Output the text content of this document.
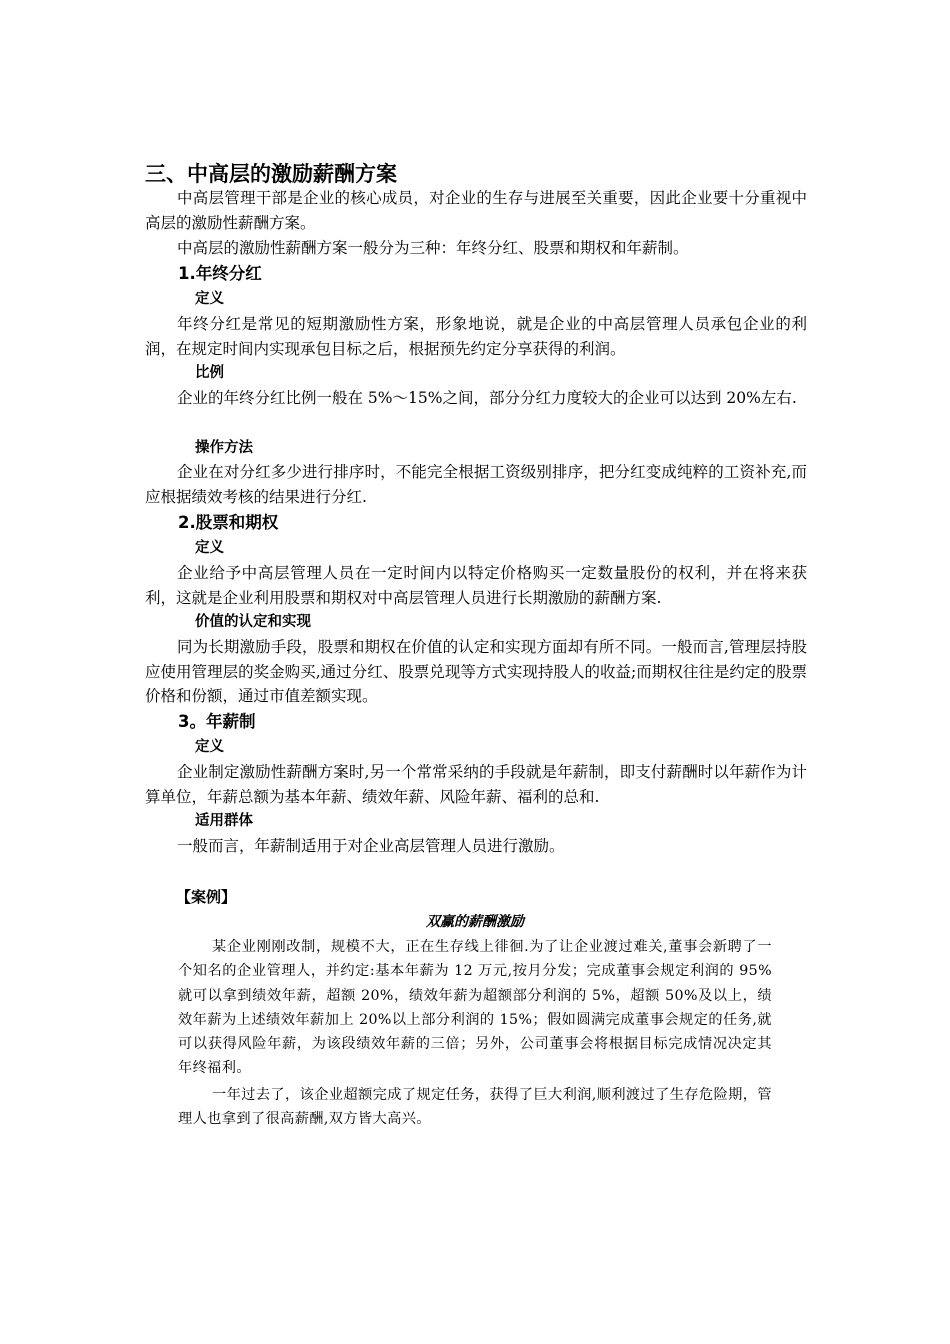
三、中高层的激励薪酬方案

中高层管理干部是企业的核心成员，对企业的生存与进展至关重要，因此企业要十分重视中高层的激励性薪酬方案。

中高层的激励性薪酬方案一般分为三种：年终分红、股票和期权和年薪制。

1.年终分红
定义

年终分红是常见的短期激励性方案，形象地说，就是企业的中高层管理人员承包企业的利润，在规定时间内实现承包目标之后，根据预先约定分享获得的利润。

比例

企业的年终分红比例一般在 5%～15%之间，部分分红力度较大的企业可以达到 20%左右.

操作方法

企业在对分红多少进行排序时，不能完全根据工资级别排序，把分红变成纯粹的工资补充,而应根据绩效考核的结果进行分红.

2.股票和期权
定义

企业给予中高层管理人员在一定时间内以特定价格购买一定数量股份的权利，并在将来获利，这就是企业利用股票和期权对中高层管理人员进行长期激励的薪酬方案.

价值的认定和实现

同为长期激励手段，股票和期权在价值的认定和实现方面却有所不同。一般而言,管理层持股应使用管理层的奖金购买,通过分红、股票兑现等方式实现持股人的收益;而期权往往是约定的股票价格和份额，通过市值差额实现。

3。年薪制
定义

企业制定激励性薪酬方案时,另一个常常采纳的手段就是年薪制，即支付薪酬时以年薪作为计算单位，年薪总额为基本年薪、绩效年薪、风险年薪、福利的总和.

适用群体

一般而言，年薪制适用于对企业高层管理人员进行激励。

【案例】
双赢的薪酬激励

某企业刚刚改制，规模不大，正在生存线上徘徊.为了让企业渡过难关,董事会新聘了一个知名的企业管理人，并约定:基本年薪为 12 万元,按月分发；完成董事会规定利润的 95%就可以拿到绩效年薪，超额 20%，绩效年薪为超额部分利润的 5%，超额 50%及以上，绩效年薪为上述绩效年薪加上 20%以上部分利润的 15%；假如圆满完成董事会规定的任务,就可以获得风险年薪，为该段绩效年薪的三倍；另外，公司董事会将根据目标完成情况决定其年终福利。

一年过去了，该企业超额完成了规定任务，获得了巨大利润,顺利渡过了生存危险期，管理人也拿到了很高薪酬,双方皆大高兴。
